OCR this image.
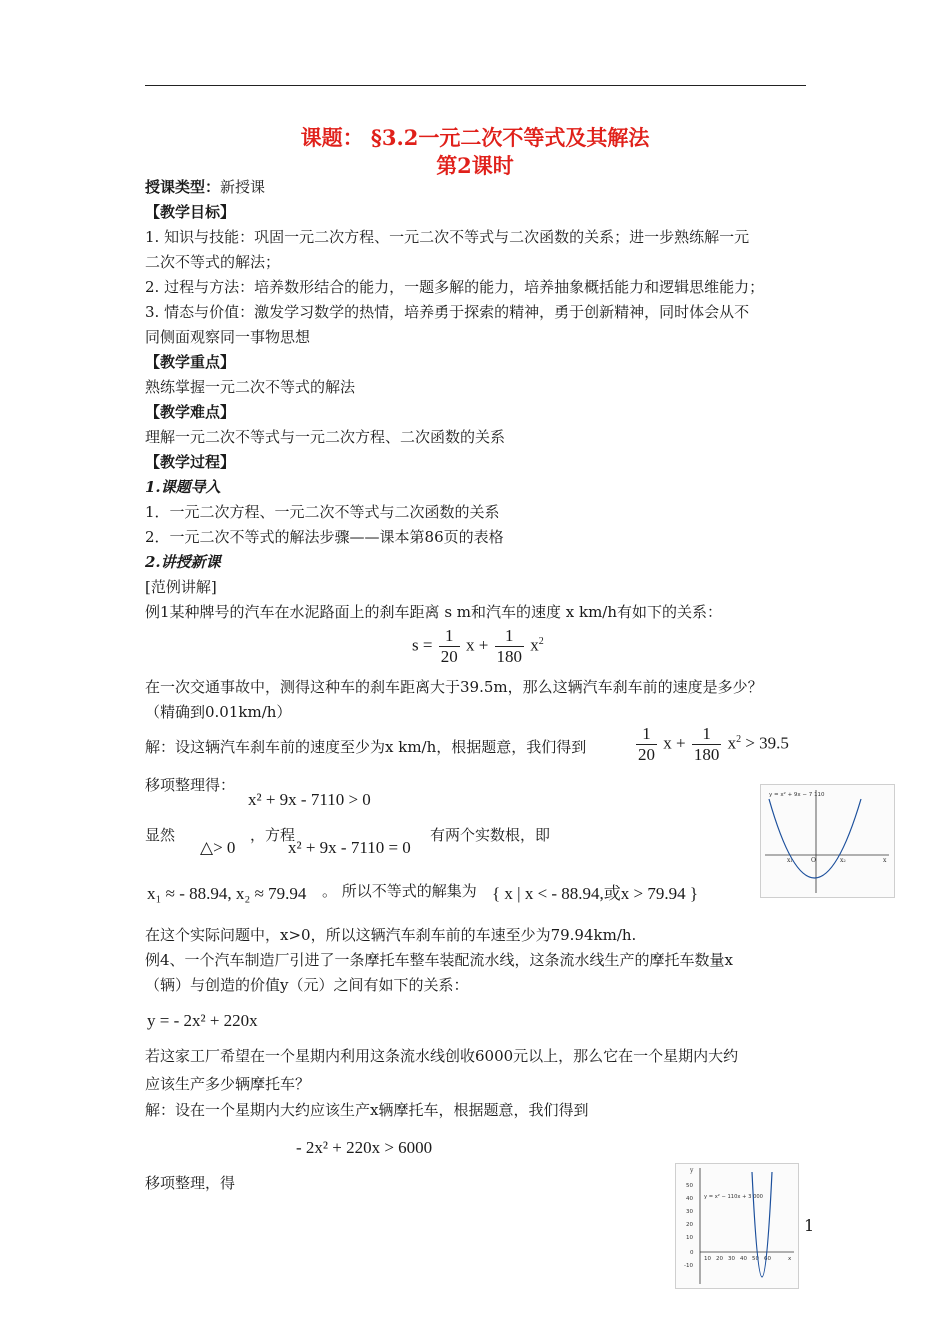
课题： §3.2一元二次不等式及其解法
第2课时
授课类型：新授课
【教学目标】
1. 知识与技能：巩固一元二次方程、一元二次不等式与二次函数的关系；进一步熟练解一元
二次不等式的解法；
2. 过程与方法：培养数形结合的能力，一题多解的能力，培养抽象概括能力和逻辑思维能力；
3. 情态与价值：激发学习数学的热情，培养勇于探索的精神，勇于创新精神，同时体会从不
同侧面观察同一事物思想
【教学重点】
熟练掌握一元二次不等式的解法
【教学难点】
理解一元二次不等式与一元二次方程、二次函数的关系
【教学过程】
1.课题导入
1．一元二次方程、一元二次不等式与二次函数的关系
2．一元二次不等式的解法步骤——课本第86页的表格
2.讲授新课
[范例讲解]
例1某种牌号的汽车在水泥路面上的刹车距离 s m和汽车的速度 x km/h有如下的关系：
$s = \frac{1}{20}$ $x + \frac{1}{180} x^2$
在一次交通事故中，测得这种车的刹车距离大于39.5m，那么这辆汽车刹车前的速度是多少？
（精确到0.01km/h）
解：设这辆汽车刹车前的速度至少为x km/h，根据题意，我们得到	$\frac{1}{20}$ $x + \frac{1}{180} x^2 > 39.5$
移项整理得：
x² + 9x - 7110 > 0
显然
△> 0
，方程
x² + 9x - 7110 = 0
有两个实数根，即
x₁ ≈ - 88.94, x₂ ≈ 79.94 。 所以不等式的解集为 { x | x < - 88.94,或x > 79.94 }
在这个实际问题中，x>0，所以这辆汽车刹车前的车速至少为79.94km/h.
例4、一个汽车制造厂引进了一条摩托车整车装配流水线，这条流水线生产的摩托车数量x
（辆）与创造的价值y（元）之间有如下的关系：
y = - 2x² + 220x
若这家工厂希望在一个星期内利用这条流水线创收6000元以上，那么它在一个星期内大约
应该生产多少辆摩托车？
解：设在一个星期内大约应该生产x辆摩托车，根据题意，我们得到
- 2x² + 220x > 6000
移项整理，得
y = x² + 9x − 7 110
x₁	O	x₂	x
y
50
40
30
20
10
0
-10
10 20 30 40 50 60	x
y = x² − 110x + 3 000
1
